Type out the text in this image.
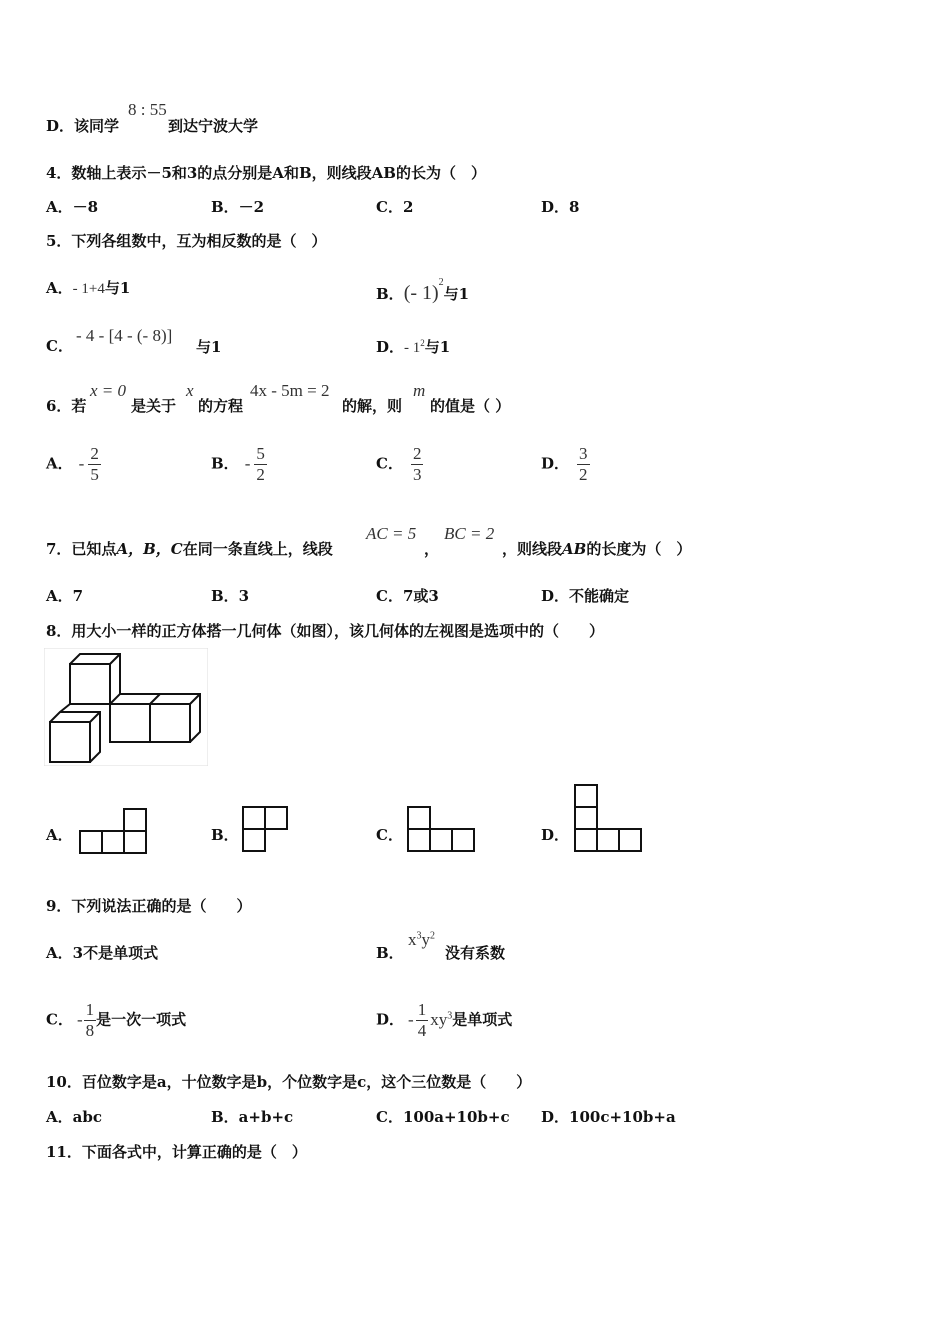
D．该同学
8 : 55
到达宁波大学
4．数轴上表示－5和3的点分别是A和B，则线段AB的长为（　）
A．－8	B．－2	C．2	D．8
5．下列各组数中，互为相反数的是（　）
A．- 1+4与1	B．(- 1)$^2$与1
C．
- 4 - [4 - (- 8)]
与1	D．- $1^2$与1
6．若
x = 0
是关于
x
的方程
4x - 5m = 2
的解，则
m
的值是（ ）
A． - $\frac{2}{5}$	B． - $\frac{5}{2}$	C． $\frac{2}{3}$	D． $\frac{3}{2}$
7．已知点A，B，C在同一条直线上，线段
AC = 5
，
BC = 2
，则线段AB的长度为（　）
A．7	B．3	C．7或3	D．不能确定
8．用大小一样的正方体搭一几何体（如图），该几何体的左视图是选项中的（　　）
A．	B．	C．	D．
9．下列说法正确的是（　　）
A．3不是单项式	B．
$x^3y^2$
没有系数
C． - $\frac{1}{8}$ 是一次一项式	D． - $\frac{1}{4} xy^3$是单项式
10．百位数字是a，十位数字是b，个位数字是c，这个三位数是（　　）
A．abc	B．a+b+c	C．100a+10b+c D．100c+10b+a
11．下面各式中，计算正确的是（　）
